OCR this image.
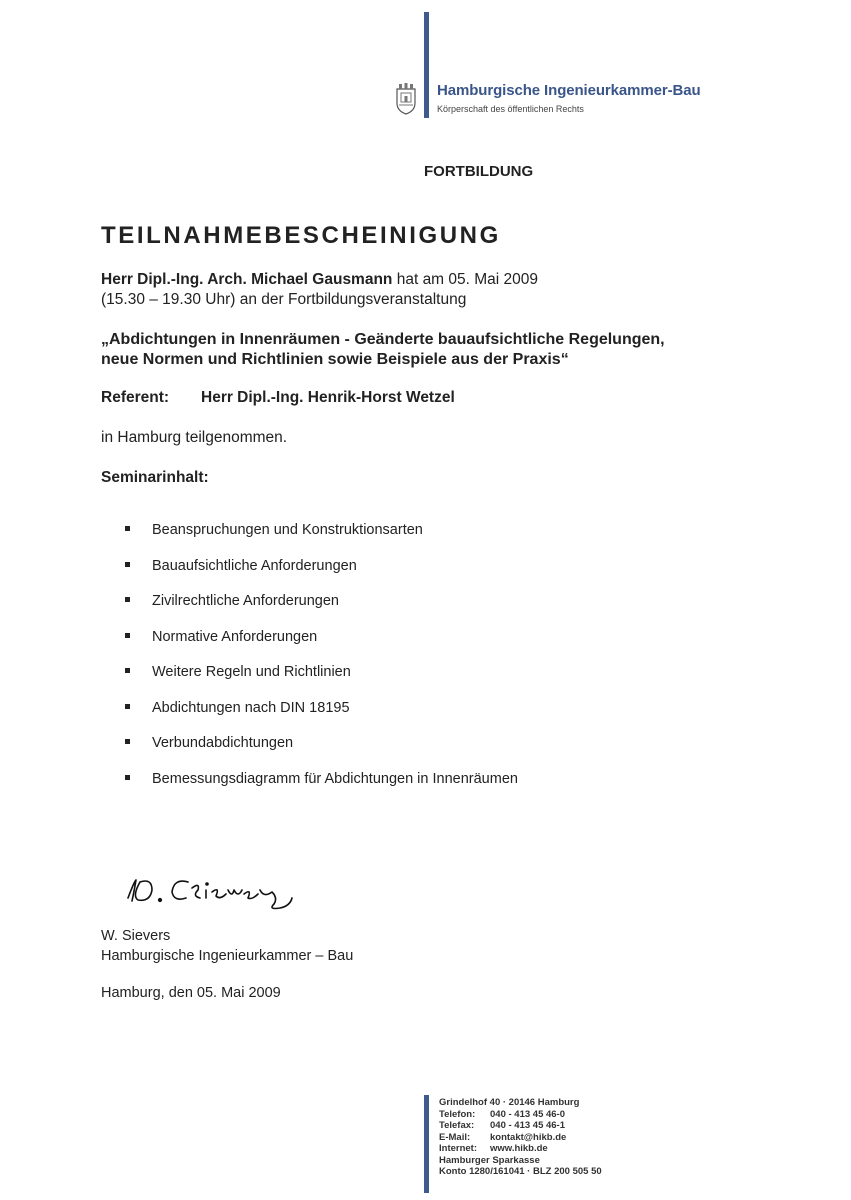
Hamburgische Ingenieurkammer-Bau
Körperschaft des öffentlichen Rechts
FORTBILDUNG
TEILNAHMEBESCHEINIGUNG
Herr Dipl.-Ing. Arch. Michael Gausmann hat am 05. Mai 2009
(15.30 – 19.30 Uhr) an der Fortbildungsveranstaltung
„Abdichtungen in Innenräumen - Geänderte bauaufsichtliche Regelungen,
neue Normen und Richtlinien sowie Beispiele aus der Praxis“
Referent: Herr Dipl.-Ing. Henrik-Horst Wetzel
in Hamburg teilgenommen.
Seminarinhalt:
Beanspruchungen und Konstruktionsarten
Bauaufsichtliche Anforderungen
Zivilrechtliche Anforderungen
Normative Anforderungen
Weitere Regeln und Richtlinien
Abdichtungen nach DIN 18195
Verbundabdichtungen
Bemessungsdiagramm für Abdichtungen in Innenräumen
W. Sievers
Hamburgische Ingenieurkammer – Bau
Hamburg, den 05. Mai 2009
Grindelhof 40 · 20146 Hamburg
Telefon: 040 - 413 45 46-0
Telefax: 040 - 413 45 46-1
E-Mail: kontakt@hikb.de
Internet: www.hikb.de
Hamburger Sparkasse
Konto 1280/161041 · BLZ 200 505 50
